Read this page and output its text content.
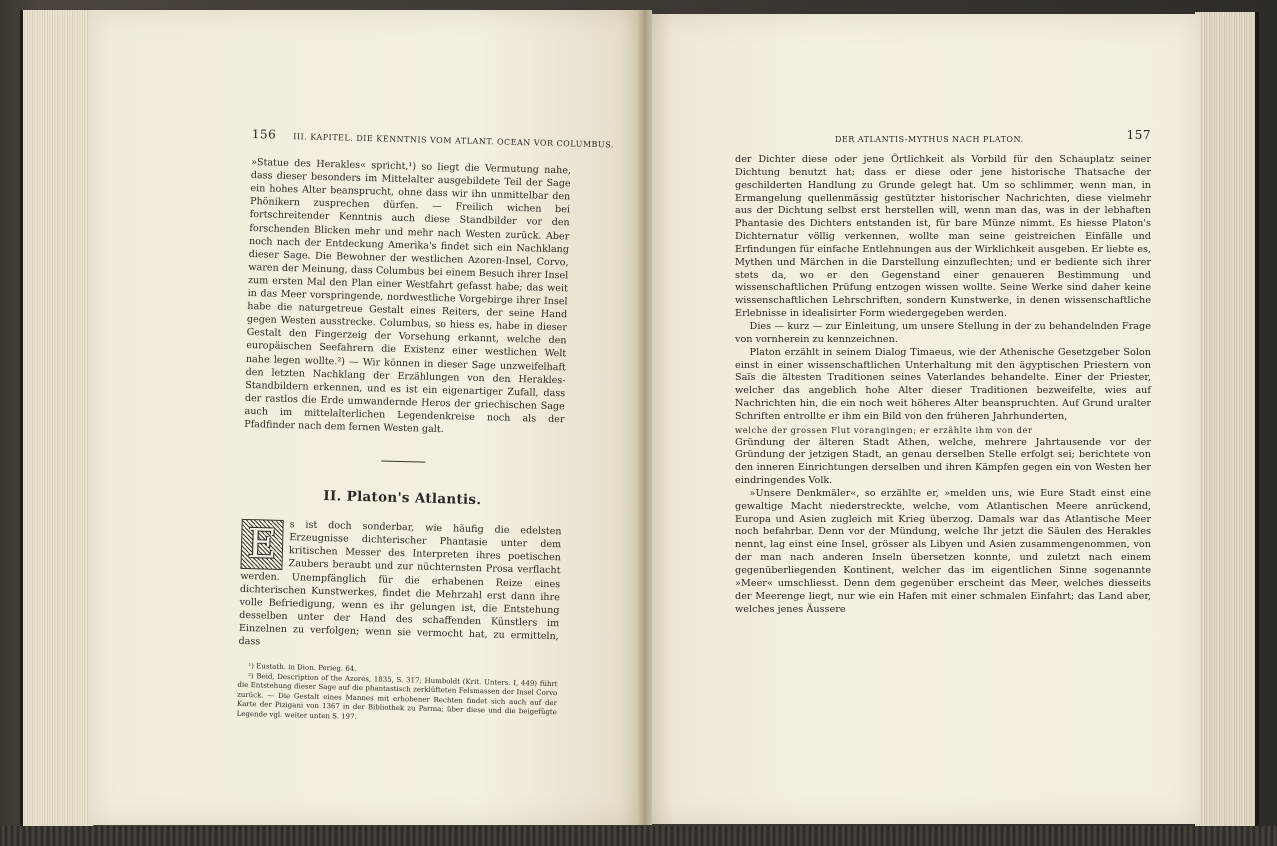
156 III. KAPITEL. DIE KENNTNIS VOM ATLANT. OCEAN VOR COLUMBUS.

»Statue des Herakles« spricht,¹) so liegt die Vermutung nahe, dass dieser besonders im Mittelalter ausgebildete Teil der Sage ein hohes Alter beansprucht, ohne dass wir ihn unmittelbar den Phönikern zusprechen dürfen. — Freilich wichen bei fortschreitender Kenntnis auch diese Standbilder vor den forschenden Blicken mehr und mehr nach Westen zurück. Aber noch nach der Entdeckung Amerika's findet sich ein Nachklang dieser Sage. Die Bewohner der westlichen Azoren-Insel, Corvo, waren der Meinung, dass Columbus bei einem Besuch ihrer Insel zum ersten Mal den Plan einer Westfahrt gefasst habe; das weit in das Meer vorspringende, nordwestliche Vorgebirge ihrer Insel habe die naturgetreue Gestalt eines Reiters, der seine Hand gegen Westen ausstrecke. Columbus, so hiess es, habe in dieser Gestalt den Fingerzeig der Vorsehung erkannt, welche den europäischen Seefahrern die Existenz einer westlichen Welt nahe legen wollte.²) — Wir können in dieser Sage unzweifelhaft den letzten Nachklang der Erzählungen von den Herakles-Standbildern erkennen, und es ist ein eigenartiger Zufall, dass der rastlos die Erde umwandernde Heros der griechischen Sage auch im mittelalterlichen Legendenkreise noch als der Pfadfinder nach dem fernen Westen galt.

II. Platon's Atlantis.
E	s ist doch sonderbar, wie häufig die edelsten Erzeugnisse dichterischer Phantasie unter dem kritischen Messer des Interpreten ihres poetischen Zaubers beraubt und zur nüchternsten Prosa verflacht werden. Unempfänglich für die erhabenen Reize eines dichterischen Kunstwerkes, findet die Mehrzahl erst dann ihre volle Befriedigung, wenn es ihr gelungen ist, die Entstehung desselben unter der Hand des schaffenden Künstlers im Einzelnen zu verfolgen; wenn sie vermocht hat, zu ermitteln, dass

¹) Eustath. in Dion. Perieg. 64.

²) Beid, Description of the Azores, 1835, S. 317; Humboldt (Krit. Unters. I, 449) führt die Entstehung dieser Sage auf die phantastisch zerklüfteten Felsmassen der Insel Corvo zurück. — Die Gestalt eines Mannes mit erhobener Rechten findet sich auch auf der Karte der Pizigani von 1367 in der Bibliothek zu Parma; über diese und die beigefügte Legende vgl. weiter unten S. 197.

DER ATLANTIS-MYTHUS NACH PLATON.	157

der Dichter diese oder jene Örtlichkeit als Vorbild für den Schauplatz seiner Dichtung benutzt hat; dass er diese oder jene historische Thatsache der geschilderten Handlung zu Grunde gelegt hat. Um so schlimmer, wenn man, in Ermangelung quellenmässig gestützter historischer Nachrichten, diese vielmehr aus der Dichtung selbst erst herstellen will, wenn man das, was in der lebhaften Phantasie des Dichters entstanden ist, für bare Münze nimmt. Es hiesse Platon's Dichternatur völlig verkennen, wollte man seine geistreichen Einfälle und Erfindungen für einfache Entlehnungen aus der Wirklichkeit ausgeben. Er liebte es, Mythen und Märchen in die Darstellung einzuflechten; und er bediente sich ihrer stets da, wo er den Gegenstand einer genaueren Bestimmung und wissenschaftlichen Prüfung entzogen wissen wollte. Seine Werke sind daher keine wissenschaftlichen Lehrschriften, sondern Kunstwerke, in denen wissenschaftliche Erlebnisse in idealisirter Form wiedergegeben werden.

Dies — kurz — zur Einleitung, um unsere Stellung in der zu behandelnden Frage von vornherein zu kennzeichnen.

Platon erzählt in seinem Dialog Timaeus, wie der Athenische Gesetzgeber Solon einst in einer wissenschaftlichen Unterhaltung mit den ägyptischen Priestern von Saïs die ältesten Traditionen seines Vaterlandes behandelte. Einer der Priester, welcher das angeblich hohe Alter dieser Traditionen bezweifelte, wies auf Nachrichten hin, die ein noch weit höheres Alter beanspruchten. Auf Grund uralter Schriften entrollte er ihm ein Bild von den früheren Jahrhunderten,

welche der grossen Flut vorangingen; er erzählte ihm von der

Gründung der älteren Stadt Athen, welche, mehrere Jahrtausende vor der Gründung der jetzigen Stadt, an genau derselben Stelle erfolgt sei; berichtete von den inneren Einrichtungen derselben und ihren Kämpfen gegen ein von Westen her eindringendes Volk.

»Unsere Denkmäler«, so erzählte er, »melden uns, wie Eure Stadt einst eine gewaltige Macht niederstreckte, welche, vom Atlantischen Meere anrückend, Europa und Asien zugleich mit Krieg überzog. Damals war das Atlantische Meer noch befahrbar. Denn vor der Mündung, welche Ihr jetzt die Säulen des Herakles nennt, lag einst eine Insel, grösser als Libyen und Asien zusammengenommen, von der man nach anderen Inseln übersetzen konnte, und zuletzt nach einem gegenüberliegenden Kontinent, welcher das im eigentlichen Sinne sogenannte »Meer« umschliesst. Denn dem gegenüber erscheint das Meer, welches diesseits der Meerenge liegt, nur wie ein Hafen mit einer schmalen Einfahrt; das Land aber, welches jenes Äussere
